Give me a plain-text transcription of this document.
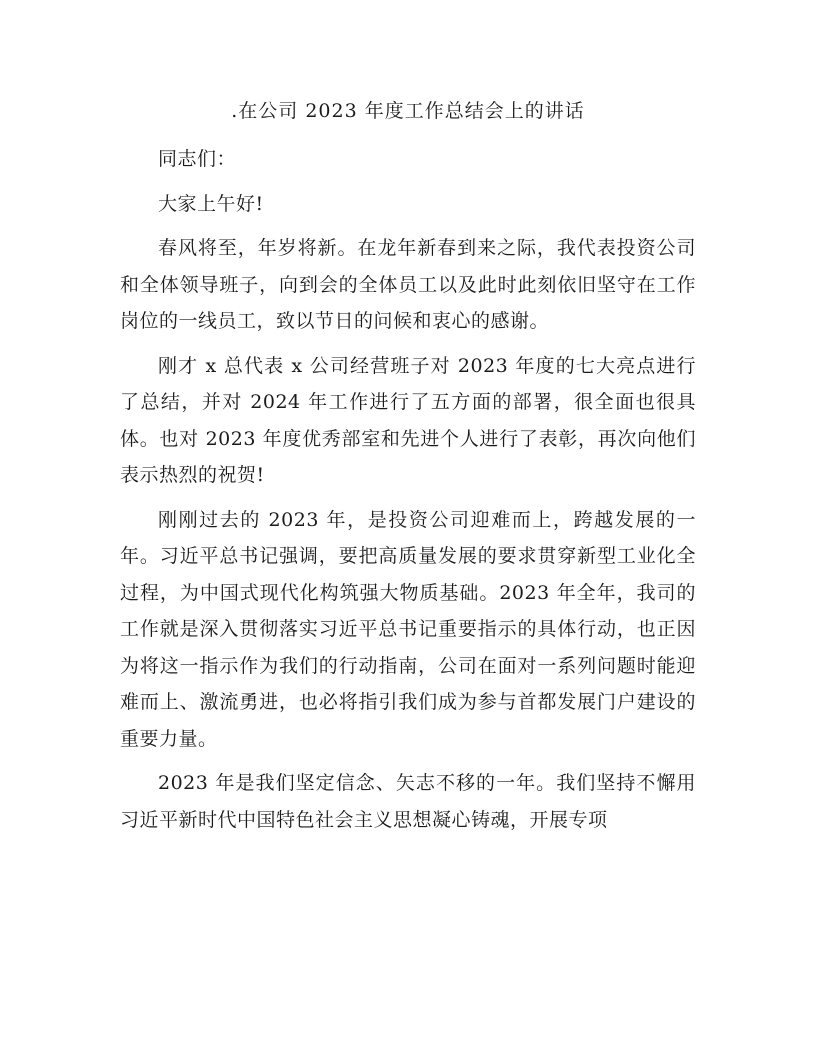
.在公司 2023 年度工作总结会上的讲话

同志们：

大家上午好!

春风将至，年岁将新。在龙年新春到来之际，我代表投资公司和全体领导班子，向到会的全体员工以及此时此刻依旧坚守在工作岗位的一线员工，致以节日的问候和衷心的感谢。

刚才 x 总代表 x 公司经营班子对 2023 年度的七大亮点进行了总结，并对 2024 年工作进行了五方面的部署，很全面也很具体。也对 2023 年度优秀部室和先进个人进行了表彰，再次向他们表示热烈的祝贺!

刚刚过去的 2023 年，是投资公司迎难而上，跨越发展的一年。习近平总书记强调，要把高质量发展的要求贯穿新型工业化全过程，为中国式现代化构筑强大物质基础。2023 年全年，我司的工作就是深入贯彻落实习近平总书记重要指示的具体行动，也正因为将这一指示作为我们的行动指南，公司在面对一系列问题时能迎难而上、激流勇进，也必将指引我们成为参与首都发展门户建设的重要力量。

2023 年是我们坚定信念、矢志不移的一年。我们坚持不懈用习近平新时代中国特色社会主义思想凝心铸魂，开展专项
